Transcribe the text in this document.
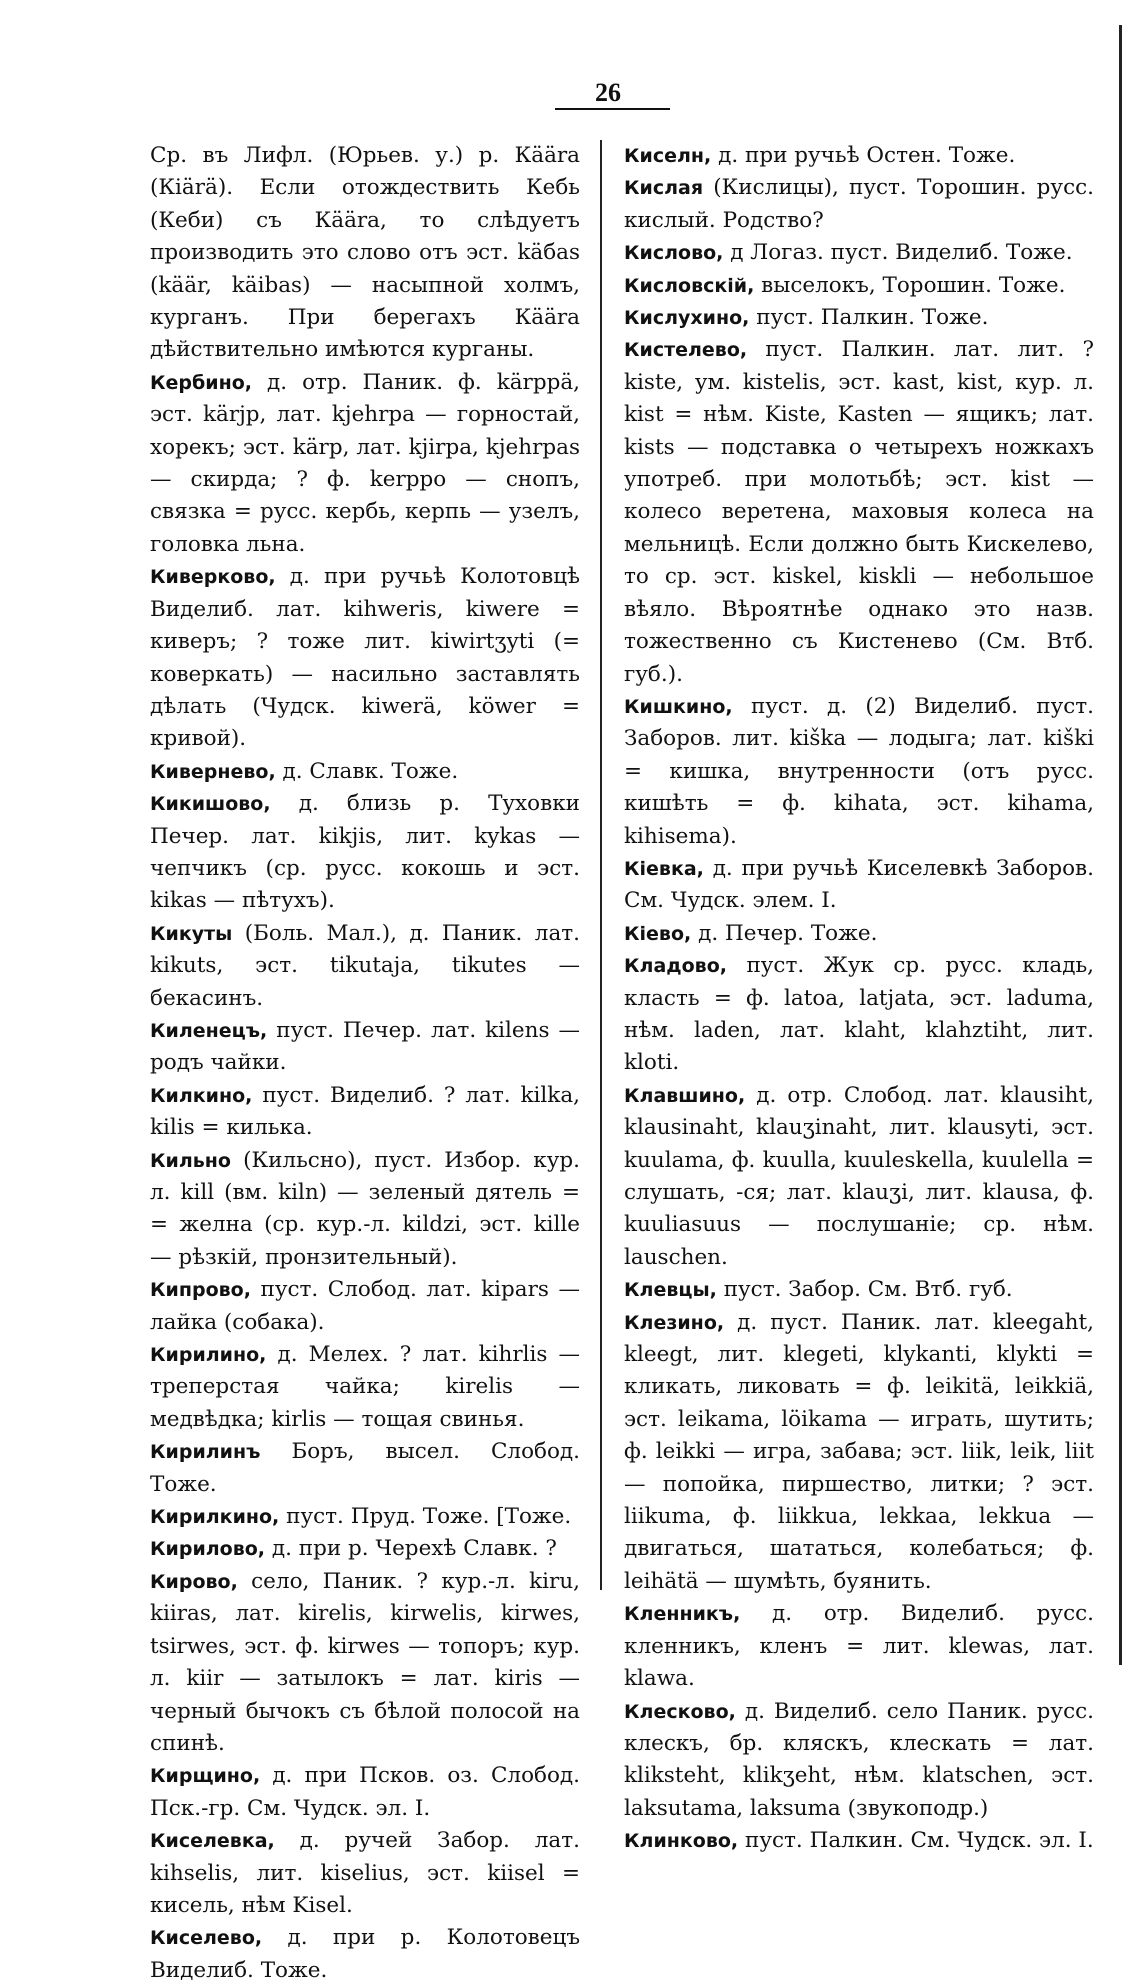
26

Ср. въ Лифл. (Юрьев. у.) р. Кäära (Кiärä). Если отождествить Кебь (Кеби) съ Кäära, то слѣдуетъ производить это слово отъ эст. käбas (käär, käibas) — насыпной холмъ, курганъ. При берегахъ Кäära дѣйствительно имѣются курганы.

Кербино, д. отр. Паник. ф. kärppä, эст. kärjp, лат. kjehrpa — горностай, хорекъ; эст. kärp, лат. kjirpa, kjehrpas — скирда; ? ф. kerppo — снопъ, связка = русс. кербь, керпь — узелъ, головка льна.

Киверково, д. при ручьѣ Колотовцѣ Виделиб. лат. kihweris, kiwere = киверъ; ? тоже лит. kiwirtʒyti (= коверкать) — насильно заставлять дѣлать (Чудск. kiwerä, köwer = кривой).

Кивернево, д. Славк. Тоже.

Кикишово, д. близь р. Туховки Печер. лат. kikjis, лит. kykas — чепчикъ (ср. русс. кокошь и эст. kikas — пѣтухъ).

Кикуты (Боль. Мал.), д. Паник. лат. kikuts, эст. tikutaja, tikutes — бекасинъ.

Киленецъ, пуст. Печер. лат. kilens — родъ чайки.

Килкино, пуст. Виделиб. ? лат. kilka, kilis = килька.

Кильно (Кильсно), пуст. Избор. кур. л. kill (вм. kiln) — зеленый дятель = = желна (ср. кур.-л. kildzi, эст. kille — рѣзкій, пронзительный).

Кипрово, пуст. Слобод. лат. kipars — лайка (собака).

Кирилино, д. Мелех. ? лат. kihrlis — треперстая чайка; kirelis — медвѣдка; kirlis — тощая свинья.

Кирилинъ Боръ, высел. Слобод. Тоже.

Кирилкино, пуст. Пруд. Тоже. [Тоже.

Кирилово, д. при р. Черехѣ Славк. ?

Кирово, село, Паник. ? кур.-л. kiru, kiiras, лат. kirelis, kirwelis, kirwes, tsirwes, эст. ф. kirwes — топоръ; кур. л. kiir — затылокъ = лат. kiris — черный бычокъ съ бѣлой полосой на спинѣ.

Кирщино, д. при Псков. оз. Слобод. Пск.-гр. См. Чудск. эл. I.

Киселевка, д. ручей Забор. лат. kihselis, лит. kiselius, эст. kiisel = кисель, нѣм Kisel.

Киселево, д. при р. Колотовецъ Виделиб. Тоже.

Киселн, д. при ручьѣ Остен. Тоже.

Кислая (Кислицы), пуст. Торошин. русс. кислый. Родство?

Кислово, д Логаз. пуст. Виделиб. Тоже.

Кисловскій, выселокъ, Торошин. Тоже.

Кислухино, пуст. Палкин. Тоже.

Кистелево, пуст. Палкин. лат. лит. ? kiste, ум. kistelis, эст. kast, kist, кур. л. kist = нѣм. Kiste, Kasten — ящикъ; лат. kists — подставка о четырехъ ножкахъ употреб. при молотьбѣ; эст. kist — колесо веретена, маховыя колеса на мельницѣ. Если должно быть Кискелево, то ср. эст. kiskel, kiskli — небольшое вѣяло. Вѣроятнѣе однако это назв. тожественно съ Кистеневo (См. Втб. губ.).

Кишкино, пуст. д. (2) Виделиб. пуст. Заборов. лит. kiška — лодыга; лат. kiški = кишка, внутренности (отъ русс. кишѣть = ф. kihata, эст. kihama, kihisema).

Кіевка, д. при ручьѣ Киселевкѣ Заборов. См. Чудск. элем. I.

Кіево, д. Печер. Тоже.

Кладово, пуст. Жук ср. русс. кладь, класть = ф. latoa, latjata, эст. laduma, нѣм. laden, лат. klaht, klahztiht, лит. kloti.

Клавшино, д. отр. Слобод. лат. klausiht, klausinaht, klauʒinaht, лит. klausyti, эст. kuulama, ф. kuulla, kuuleskella, kuulella = слушать, -ся; лат. klauʒi, лит. klausa, ф. kuuliasuus — послушаніе; ср. нѣм. lauschen.

Клевцы, пуст. Забор. См. Втб. губ.

Клезино, д. пуст. Паник. лат. kleegaht, kleegt, лит. klegeti, klykanti, klykti = кликать, ликовать = ф. leikitä, leikkiä, эст. leikama, löikama — играть, шутить; ф. leikki — игра, забава; эст. liik, leik, liit — попойка, пиршество, литки; ? эст. liikuma, ф. liikkua, lekkaa, lekkua — двигаться, шататься, колебаться; ф. leihätä — шумѣть, буянить.

Кленникъ, д. отр. Виделиб. русс. кленникъ, кленъ = лит. klewas, лат. klawa.

Клесково, д. Виделиб. село Паник. русс. клескъ, бр. кляскъ, клескать = лат. kliksteht, klikʒeht, нѣм. klatschen, эст. laksutama, laksuma (звукоподр.)

Клинково, пуст. Палкин. См. Чудск. эл. I.
